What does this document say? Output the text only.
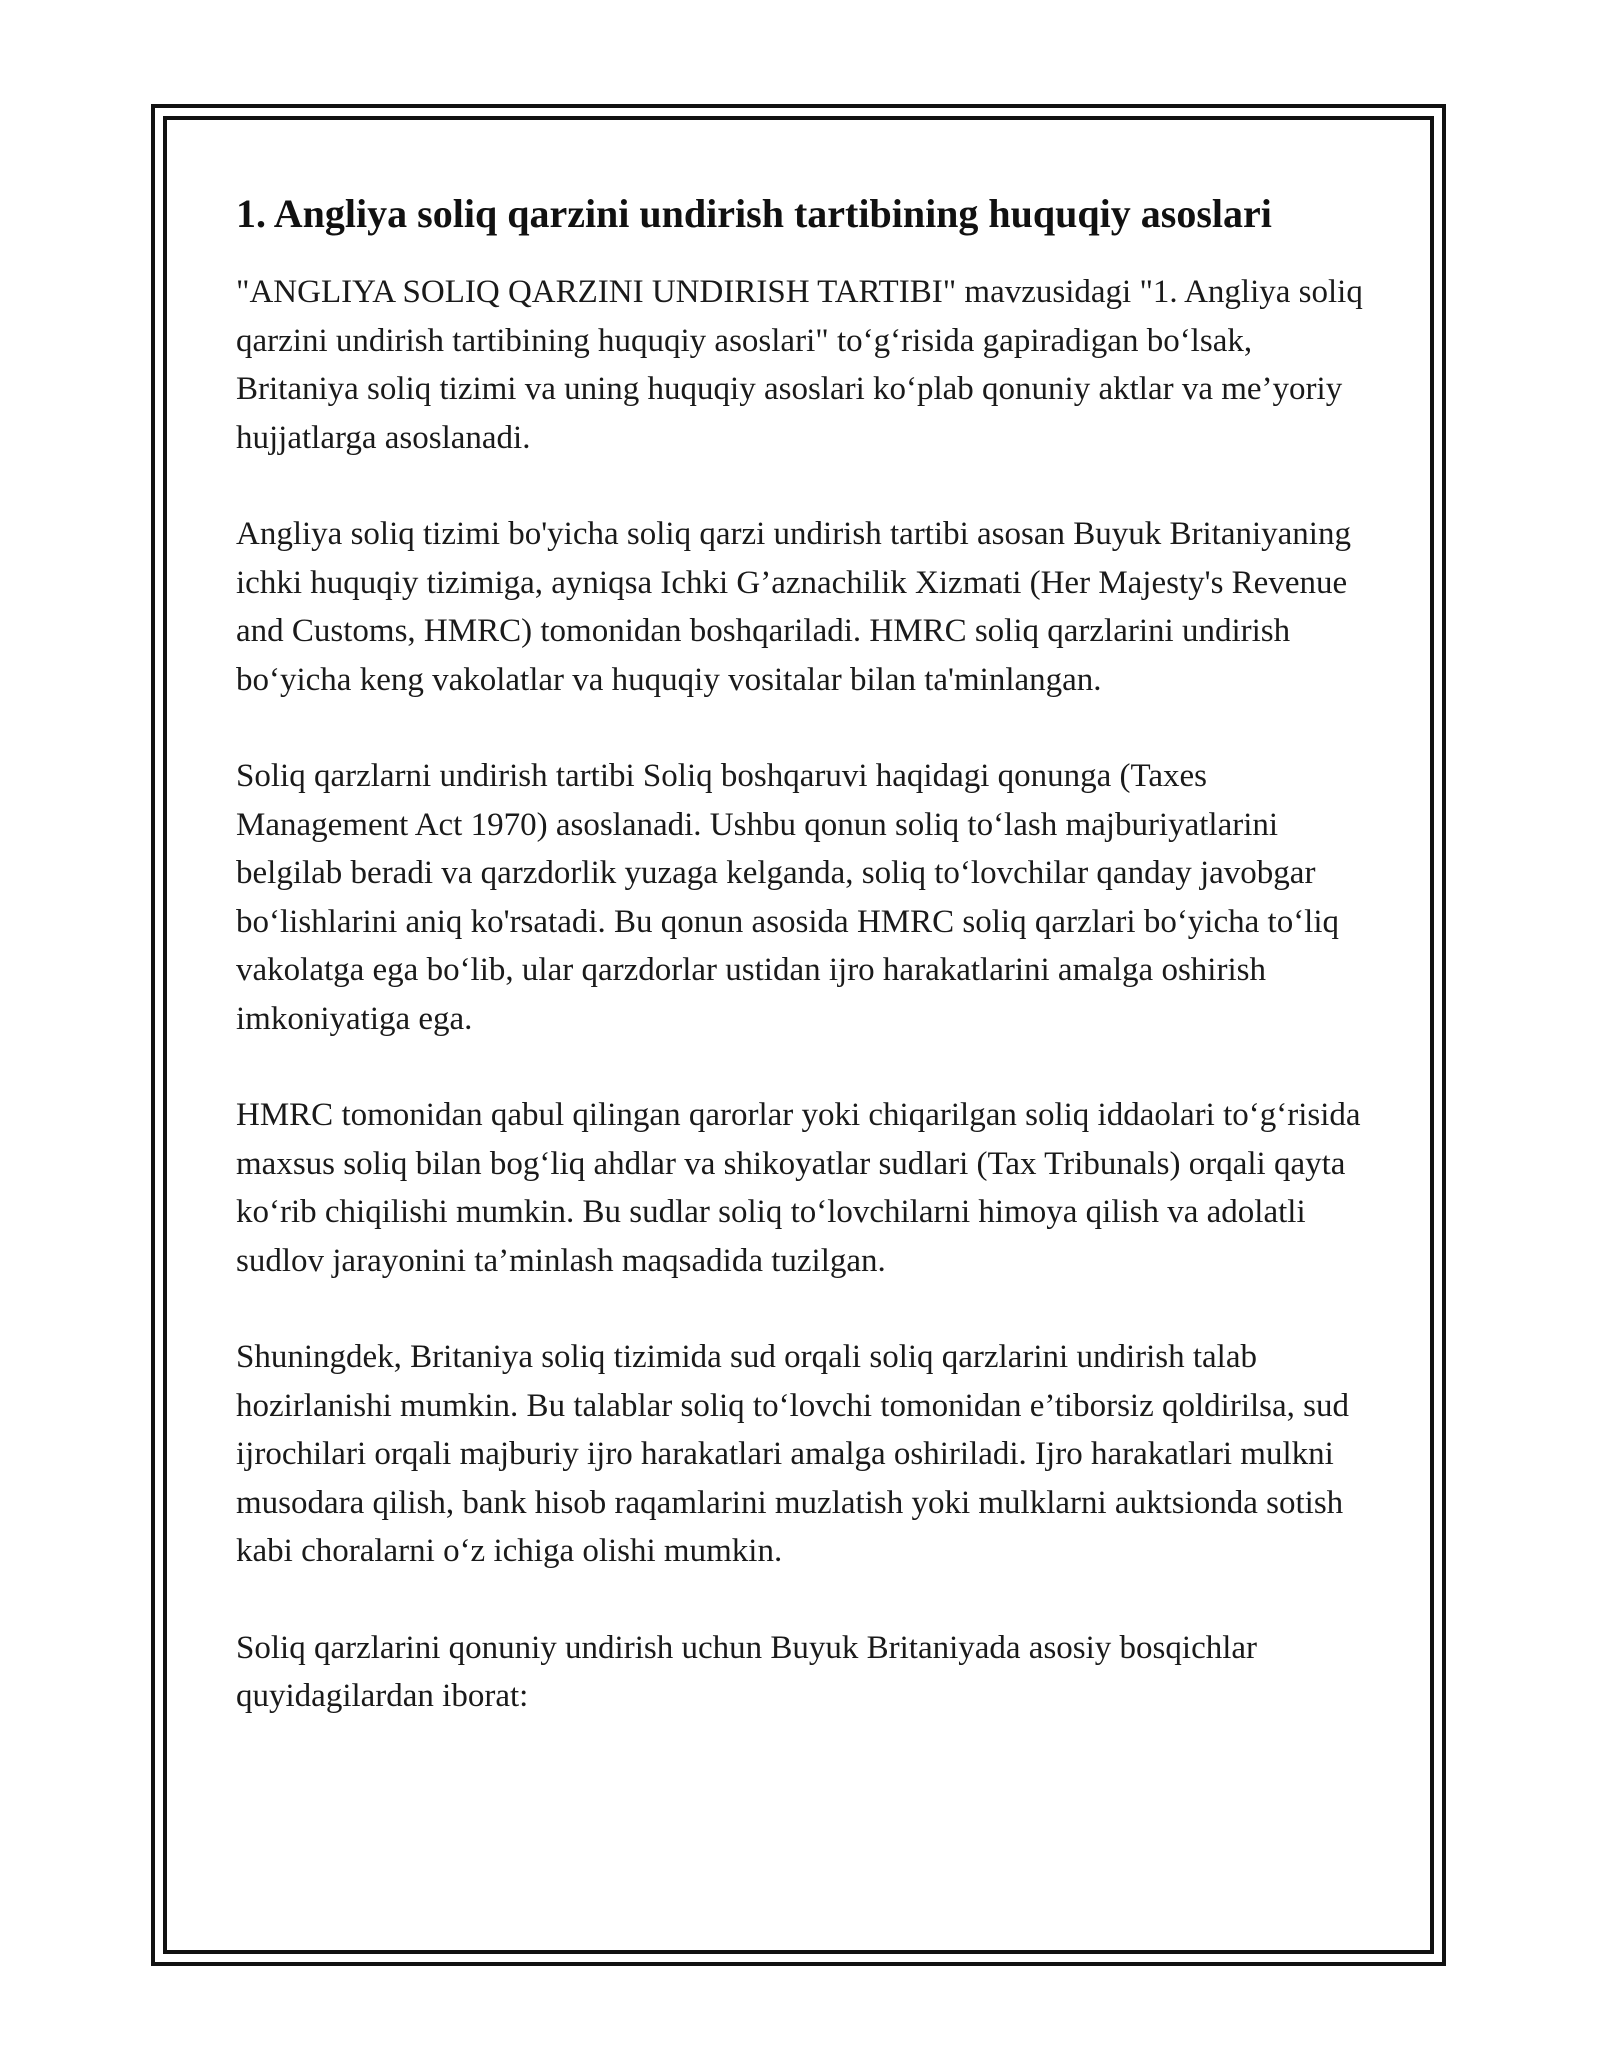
1. Angliya soliq qarzini undirish tartibining huquqiy asoslari

"ANGLIYA SOLIQ QARZINI UNDIRISH TARTIBI" mavzusidagi "1. Angliya soliq qarzini undirish tartibining huquqiy asoslari" to‘g‘risida gapiradigan bo‘lsak, Britaniya soliq tizimi va uning huquqiy asoslari ko‘plab qonuniy aktlar va me’yoriy hujjatlarga asoslanadi.

Angliya soliq tizimi bo'yicha soliq qarzi undirish tartibi asosan Buyuk Britaniyaning ichki huquqiy tizimiga, ayniqsa Ichki G’aznachilik Xizmati (Her Majesty's Revenue and Customs, HMRC) tomonidan boshqariladi. HMRC soliq qarzlarini undirish bo‘yicha keng vakolatlar va huquqiy vositalar bilan ta'minlangan.

Soliq qarzlarni undirish tartibi Soliq boshqaruvi haqidagi qonunga (Taxes Management Act 1970) asoslanadi. Ushbu qonun soliq to‘lash majburiyatlarini belgilab beradi va qarzdorlik yuzaga kelganda, soliq to‘lovchilar qanday javobgar bo‘lishlarini aniq ko'rsatadi. Bu qonun asosida HMRC soliq qarzlari bo‘yicha to‘liq vakolatga ega bo‘lib, ular qarzdorlar ustidan ijro harakatlarini amalga oshirish imkoniyatiga ega.

HMRC tomonidan qabul qilingan qarorlar yoki chiqarilgan soliq iddaolari to‘g‘risida maxsus soliq bilan bog‘liq ahdlar va shikoyatlar sudlari (Tax Tribunals) orqali qayta ko‘rib chiqilishi mumkin. Bu sudlar soliq to‘lovchilarni himoya qilish va adolatli sudlov jarayonini ta’minlash maqsadida tuzilgan.

Shuningdek, Britaniya soliq tizimida sud orqali soliq qarzlarini undirish talab hozirlanishi mumkin. Bu talablar soliq to‘lovchi tomonidan e’tiborsiz qoldirilsa, sud ijrochilari orqali majburiy ijro harakatlari amalga oshiriladi. Ijro harakatlari mulkni musodara qilish, bank hisob raqamlarini muzlatish yoki mulklarni auktsionda sotish kabi choralarni o‘z ichiga olishi mumkin.

Soliq qarzlarini qonuniy undirish uchun Buyuk Britaniyada asosiy bosqichlar quyidagilardan iborat:
